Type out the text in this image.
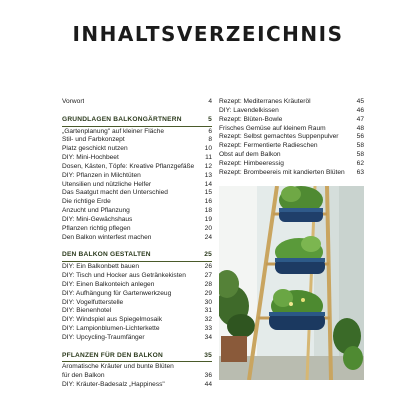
INHALTSVERZEICHNIS
Vorwort	4
GRUNDLAGEN BALKONGÄRTNERN	5
„Gartenplanung" auf kleiner Fläche	6
Stil- und Farbkonzept	8
Platz geschickt nutzen	10
DIY: Mini-Hochbeet	11
Dosen, Kästen, Töpfe: Kreative Pflanzgefäße	12
DIY: Pflanzen in Milchtüten	13
Utensilien und nützliche Helfer	14
Das Saatgut macht den Unterschied	15
Die richtige Erde	16
Anzucht und Pflanzung	18
DIY: Mini-Gewächshaus	19
Pflanzen richtig pflegen	20
Den Balkon winterfest machen	24
DEN BALKON GESTALTEN	25
DIY: Ein Balkonbett bauen	26
DIY: Tisch und Hocker aus Getränkekisten	27
DIY: Einen Balkonteich anlegen	28
DIY: Aufhängung für Gartenwerkzeug	29
DIY: Vogelfutterstelle	30
DIY: Bienenhotel	31
DIY: Windspiel aus Spiegelmosaik	32
DIY: Lampionblumen-Lichterkette	33
DIY: Upcycling-Traumfänger	34
PFLANZEN FÜR DEN BALKON	35
Aromatische Kräuter und bunte Blüten
für den Balkon	36
DIY: Kräuter-Badesalz „Happiness"	44
Rezept: Mediterranes Kräuteröl	45
DIY: Lavendelkissen	46
Rezept: Blüten-Bowle	47
Frisches Gemüse auf kleinem Raum	48
Rezept: Selbst gemachtes Suppenpulver	56
Rezept: Fermentierte Radieschen	58
Obst auf dem Balkon	58
Rezept: Himbeeressig	62
Rezept: Brombeereis mit kandierten Blüten	63
